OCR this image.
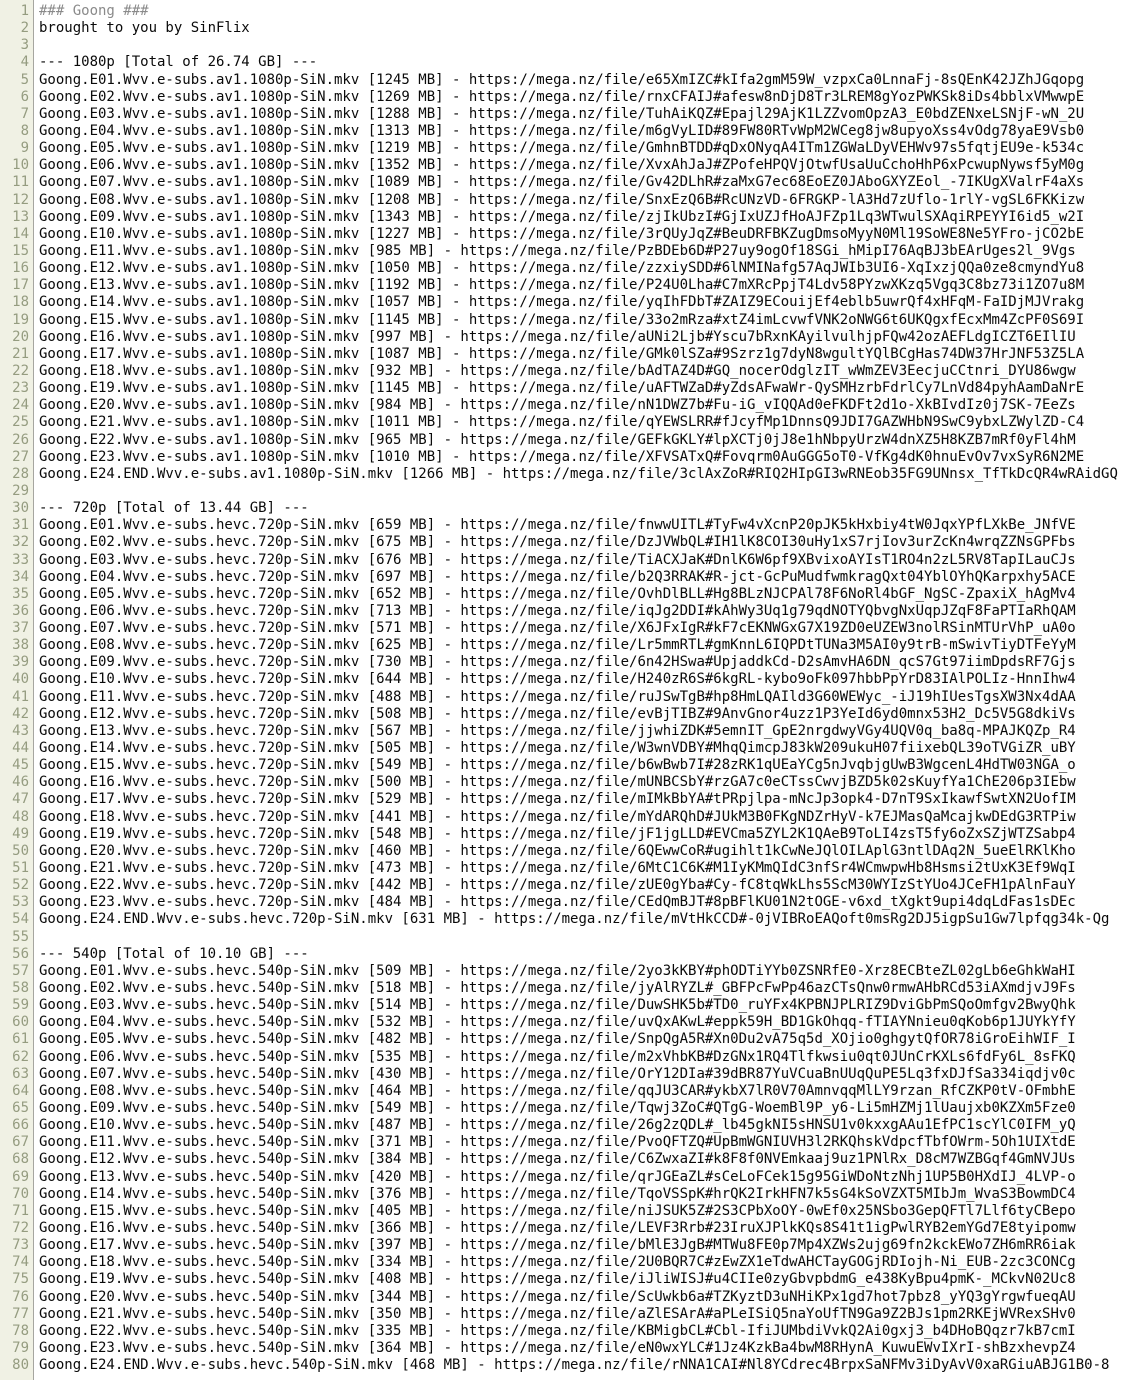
1 ### Goong ###
2 brought to you by SinFlix
3

4 --- 1080p [Total of 26.74 GB] ---
5 Goong.E01.Wvv.e-subs.av1.1080p-SiN.mkv [1245 MB] - https://mega.nz/file/e65XmIZC#kIfa2gmM59W_vzpxCa0LnnaFj-8sQEnK42JZhJGqopg
6 Goong.E02.Wvv.e-subs.av1.1080p-SiN.mkv [1269 MB] - https://mega.nz/file/rnxCFAIJ#afesw8nDjD8Tr3LREM8gYozPWKSk8iDs4bblxVMwwpE
7 Goong.E03.Wvv.e-subs.av1.1080p-SiN.mkv [1288 MB] - https://mega.nz/file/TuhAiKQZ#Epajl29AjK1LZZvomOpzA3_E0bdZENxeLSNjF-wN_2U
8 Goong.E04.Wvv.e-subs.av1.1080p-SiN.mkv [1313 MB] - https://mega.nz/file/m6gVyLID#89FW80RTvWpM2WCeg8jw8upyoXss4vOdg78yaE9Vsb0
9 Goong.E05.Wvv.e-subs.av1.1080p-SiN.mkv [1219 MB] - https://mega.nz/file/GmhnBTDD#qDxONyqA4ITm1ZGWaLDyVEHWv97s5fqtjEU9e-k534c
10 Goong.E06.Wvv.e-subs.av1.1080p-SiN.mkv [1352 MB] - https://mega.nz/file/XvxAhJaJ#ZPofeHPQVjOtwfUsaUuCchoHhP6xPcwupNywsf5yM0g
11 Goong.E07.Wvv.e-subs.av1.1080p-SiN.mkv [1089 MB] - https://mega.nz/file/Gv42DLhR#zaMxG7ec68EoEZ0JAboGXYZEol_-7IKUgXValrF4aXs
12 Goong.E08.Wvv.e-subs.av1.1080p-SiN.mkv [1208 MB] - https://mega.nz/file/SnxEzQ6B#RcUNzVD-6FRGKP-lA3Hd7zUflo-1rlY-vgSL6FKKizw
13 Goong.E09.Wvv.e-subs.av1.1080p-SiN.mkv [1343 MB] - https://mega.nz/file/zjIkUbzI#GjIxUZJfHoAJFZp1Lq3WTwulSXAqiRPEYYI6id5_w2I
14 Goong.E10.Wvv.e-subs.av1.1080p-SiN.mkv [1227 MB] - https://mega.nz/file/3rQUyJqZ#BeuDRFBKZugDmsoMyyN0Ml19SoWE8Ne5YFro-jCO2bE
15 Goong.E11.Wvv.e-subs.av1.1080p-SiN.mkv [985 MB] - https://mega.nz/file/PzBDEb6D#P27uy9ogOf18SGi_hMipI76AqBJ3bEArUges2l_9Vgs
16 Goong.E12.Wvv.e-subs.av1.1080p-SiN.mkv [1050 MB] - https://mega.nz/file/zzxiySDD#6lNMINafg57AqJWIb3UI6-XqIxzjQQa0ze8cmyndYu8
17 Goong.E13.Wvv.e-subs.av1.1080p-SiN.mkv [1192 MB] - https://mega.nz/file/P24U0Lha#C7mXRcPpjT4Ldv58PYzwXKzq5Vgq3C8bz73i1ZO7u8M
18 Goong.E14.Wvv.e-subs.av1.1080p-SiN.mkv [1057 MB] - https://mega.nz/file/yqIhFDbT#ZAIZ9ECouijEf4eblb5uwrQf4xHFqM-FaIDjMJVrakg
19 Goong.E15.Wvv.e-subs.av1.1080p-SiN.mkv [1145 MB] - https://mega.nz/file/33o2mRza#xtZ4imLcvwfVNK2oNWG6t6UKQgxfEcxMm4ZcPF0S69I
20 Goong.E16.Wvv.e-subs.av1.1080p-SiN.mkv [997 MB] - https://mega.nz/file/aUNi2Ljb#Yscu7bRxnKAyilvulhjpFQw42ozAEFLdgICZT6EIlIU
21 Goong.E17.Wvv.e-subs.av1.1080p-SiN.mkv [1087 MB] - https://mega.nz/file/GMk0lSZa#9Szrz1g7dyN8wgultYQlBCgHas74DW37HrJNF53Z5LA
22 Goong.E18.Wvv.e-subs.av1.1080p-SiN.mkv [932 MB] - https://mega.nz/file/bAdTAZ4D#GQ_nocerOdglzIT_wWmZEV3EecjuCCtnri_DYU86wgw
23 Goong.E19.Wvv.e-subs.av1.1080p-SiN.mkv [1145 MB] - https://mega.nz/file/uAFTWZaD#yZdsAFwaWr-QySMHzrbFdrlCy7LnVd84pyhAamDaNrE
24 Goong.E20.Wvv.e-subs.av1.1080p-SiN.mkv [984 MB] - https://mega.nz/file/nN1DWZ7b#Fu-iG_vIQQAd0eFKDFt2d1o-XkBIvdIz0j7SK-7EeZs
25 Goong.E21.Wvv.e-subs.av1.1080p-SiN.mkv [1011 MB] - https://mega.nz/file/qYEWSLRR#fJcyfMp1DnnsQ9JDI7GAZWHbN9SwC9ybxLZWylZD-C4
26 Goong.E22.Wvv.e-subs.av1.1080p-SiN.mkv [965 MB] - https://mega.nz/file/GEFkGKLY#lpXCTj0jJ8e1hNbpyUrzW4dnXZ5H8KZB7mRf0yFl4hM
27 Goong.E23.Wvv.e-subs.av1.1080p-SiN.mkv [1010 MB] - https://mega.nz/file/XFVSATxQ#Fovqrm0AuGGG5oT0-VfKg4dK0hnuEvOv7vxSyR6N2ME
28 Goong.E24.END.Wvv.e-subs.av1.1080p-SiN.mkv [1266 MB] - https://mega.nz/file/3clAxZoR#RIQ2HIpGI3wRNEob35FG9UNnsx_TfTkDcQR4wRAidGQ
29

30 --- 720p [Total of 13.44 GB] ---
31 Goong.E01.Wvv.e-subs.hevc.720p-SiN.mkv [659 MB] - https://mega.nz/file/fnwwUITL#TyFw4vXcnP20pJK5kHxbiy4tW0JqxYPfLXkBe_JNfVE
32 Goong.E02.Wvv.e-subs.hevc.720p-SiN.mkv [675 MB] - https://mega.nz/file/DzJVWbQL#IH1lK8COI30uHy1xS7rjIov3urZcKn4wrqZZNsGPFbs
33 Goong.E03.Wvv.e-subs.hevc.720p-SiN.mkv [676 MB] - https://mega.nz/file/TiACXJaK#DnlK6W6pf9XBvixoAYIsT1RO4n2zL5RV8TapILauCJs
34 Goong.E04.Wvv.e-subs.hevc.720p-SiN.mkv [697 MB] - https://mega.nz/file/b2Q3RRAK#R-jct-GcPuMudfwmkragQxt04YblOYhQKarpxhy5ACE
35 Goong.E05.Wvv.e-subs.hevc.720p-SiN.mkv [652 MB] - https://mega.nz/file/OvhDlBLL#Hg8BLzNJCPAl78F6NoRl4bGF_NgSC-ZpaxiX_hAgMv4
36 Goong.E06.Wvv.e-subs.hevc.720p-SiN.mkv [713 MB] - https://mega.nz/file/iqJg2DDI#kAhWy3Uq1g79qdNOTYQbvgNxUqpJZqF8FaPTIaRhQAM
37 Goong.E07.Wvv.e-subs.hevc.720p-SiN.mkv [571 MB] - https://mega.nz/file/X6JFxIgR#kF7cEKNWGxG7X19ZD0eUZEW3nolRSinMTUrVhP_uA0o
38 Goong.E08.Wvv.e-subs.hevc.720p-SiN.mkv [625 MB] - https://mega.nz/file/Lr5mmRTL#gmKnnL6IQPDtTUNa3M5AI0y9trB-mSwivTiyDTFeYyM
39 Goong.E09.Wvv.e-subs.hevc.720p-SiN.mkv [730 MB] - https://mega.nz/file/6n42HSwa#UpjaddkCd-D2sAmvHA6DN_qcS7Gt97iimDpdsRF7Gjs
40 Goong.E10.Wvv.e-subs.hevc.720p-SiN.mkv [644 MB] - https://mega.nz/file/H240zR6S#6kgRL-kybo9oFk097hbbPpYrD83IAlPOLIz-HnnIhw4
41 Goong.E11.Wvv.e-subs.hevc.720p-SiN.mkv [488 MB] - https://mega.nz/file/ruJSwTgB#hp8HmLQAIld3G60WEWyc_-iJ19hIUesTgsXW3Nx4dAA
42 Goong.E12.Wvv.e-subs.hevc.720p-SiN.mkv [508 MB] - https://mega.nz/file/evBjTIBZ#9AnvGnor4uzz1P3YeId6yd0mnx53H2_Dc5V5G8dkiVs
43 Goong.E13.Wvv.e-subs.hevc.720p-SiN.mkv [567 MB] - https://mega.nz/file/jjwhiZDK#5emnIT_GpE2nrgdwyVGy4UQV0q_ba8q-MPAJKQZp_R4
44 Goong.E14.Wvv.e-subs.hevc.720p-SiN.mkv [505 MB] - https://mega.nz/file/W3wnVDBY#MhqQimcpJ83kW209ukuH07fiixebQL39oTVGiZR_uBY
45 Goong.E15.Wvv.e-subs.hevc.720p-SiN.mkv [549 MB] - https://mega.nz/file/b6wBwb7I#28zRK1qUEaYCg5nJvqbjgUwB3WgcenL4HdTW03NGA_o
46 Goong.E16.Wvv.e-subs.hevc.720p-SiN.mkv [500 MB] - https://mega.nz/file/mUNBCSbY#rzGA7c0eCTssCwvjBZD5k02sKuyfYa1ChE206p3IEbw
47 Goong.E17.Wvv.e-subs.hevc.720p-SiN.mkv [529 MB] - https://mega.nz/file/mIMkBbYA#tPRpjlpa-mNcJp3opk4-D7nT9SxIkawfSwtXN2UofIM
48 Goong.E18.Wvv.e-subs.hevc.720p-SiN.mkv [441 MB] - https://mega.nz/file/mYdARQhD#JUkM3B0FKgNDZrHyV-k7EJMasQaMcajkwDEdG3RTPiw
49 Goong.E19.Wvv.e-subs.hevc.720p-SiN.mkv [548 MB] - https://mega.nz/file/jF1jgLLD#EVCma5ZYL2K1QAeB9ToLI4zsT5fy6oZxSZjWTZSabp4
50 Goong.E20.Wvv.e-subs.hevc.720p-SiN.mkv [460 MB] - https://mega.nz/file/6QEwwCoR#ugihlt1kCwNeJQlOILAplG3ntlDAq2N_5ueElRKlKho
51 Goong.E21.Wvv.e-subs.hevc.720p-SiN.mkv [473 MB] - https://mega.nz/file/6MtC1C6K#M1IyKMmQIdC3nfSr4WCmwpwHb8Hsmsi2tUxK3Ef9WqI
52 Goong.E22.Wvv.e-subs.hevc.720p-SiN.mkv [442 MB] - https://mega.nz/file/zUE0gYba#Cy-fC8tqWkLhs5ScM30WYIzStYUo4JCeFH1pAlnFauY
53 Goong.E23.Wvv.e-subs.hevc.720p-SiN.mkv [484 MB] - https://mega.nz/file/CEdQmBJT#8pBFlKU01N2tOGE-v6xd_tXgkt9upi4dqLdFas1sDEc
54 Goong.E24.END.Wvv.e-subs.hevc.720p-SiN.mkv [631 MB] - https://mega.nz/file/mVtHkCCD#-0jVIBRoEAQoft0msRg2DJ5igpSu1Gw7lpfqg34k-Qg
55

56 --- 540p [Total of 10.10 GB] ---
57 Goong.E01.Wvv.e-subs.hevc.540p-SiN.mkv [509 MB] - https://mega.nz/file/2yo3kKBY#phODTiYYb0ZSNRfE0-Xrz8ECBteZL02gLb6eGhkWaHI
58 Goong.E02.Wvv.e-subs.hevc.540p-SiN.mkv [518 MB] - https://mega.nz/file/jyAlRYZL#_GBFPcFwPp46azCTsQnw0rmwAHbRCd53iAXmdjvJ9Fs
59 Goong.E03.Wvv.e-subs.hevc.540p-SiN.mkv [514 MB] - https://mega.nz/file/DuwSHK5b#TD0_ruYFx4KPBNJPLRIZ9DviGbPmSQoOmfgv2BwyQhk
60 Goong.E04.Wvv.e-subs.hevc.540p-SiN.mkv [532 MB] - https://mega.nz/file/uvQxAKwL#eppk59H_BD1GkOhqq-fTIAYNnieu0qKob6p1JUYkYfY
61 Goong.E05.Wvv.e-subs.hevc.540p-SiN.mkv [482 MB] - https://mega.nz/file/SnpQgA5R#Xn0Du2vA75q5d_XOjio0ghgytQfOR78iGroEihWIF_I
62 Goong.E06.Wvv.e-subs.hevc.540p-SiN.mkv [535 MB] - https://mega.nz/file/m2xVhbKB#DzGNx1RQ4Tlfkwsiu0qt0JUnCrKXLs6fdFy6L_8sFKQ
63 Goong.E07.Wvv.e-subs.hevc.540p-SiN.mkv [430 MB] - https://mega.nz/file/OrY12DIa#39dBR87YuVCuaBnUUqQuPE5Lq3fxDJfSa334iqdjv0c
64 Goong.E08.Wvv.e-subs.hevc.540p-SiN.mkv [464 MB] - https://mega.nz/file/qqJU3CAR#ykbX7lR0V70AmnvqqMlLY9rzan_RfCZKP0tV-OFmbhE
65 Goong.E09.Wvv.e-subs.hevc.540p-SiN.mkv [549 MB] - https://mega.nz/file/Tqwj3ZoC#QTgG-WoemBl9P_y6-Li5mHZMj1lUaujxb0KZXm5Fze0
66 Goong.E10.Wvv.e-subs.hevc.540p-SiN.mkv [487 MB] - https://mega.nz/file/26g2zQDL#_lb45gkNI5sHNSU1v0kxxgAAu1EfPC1scYlC0IFM_yQ
67 Goong.E11.Wvv.e-subs.hevc.540p-SiN.mkv [371 MB] - https://mega.nz/file/PvoQFTZQ#UpBmWGNIUVH3l2RKQhskVdpcfTbfOWrm-5Oh1UIXtdE
68 Goong.E12.Wvv.e-subs.hevc.540p-SiN.mkv [384 MB] - https://mega.nz/file/C6ZwxaZI#k8F8f0NVEmkaaj9uz1PNlRx_D8cM7WZBGqf4GmNVJUs
69 Goong.E13.Wvv.e-subs.hevc.540p-SiN.mkv [420 MB] - https://mega.nz/file/qrJGEaZL#sCeLoFCek15g95GiWDoNtzNhj1UP5B0HXdIJ_4LVP-o
70 Goong.E14.Wvv.e-subs.hevc.540p-SiN.mkv [376 MB] - https://mega.nz/file/TqoVSSpK#hrQK2IrkHFN7k5sG4kSoVZXT5MIbJm_WvaS3BowmDC4
71 Goong.E15.Wvv.e-subs.hevc.540p-SiN.mkv [405 MB] - https://mega.nz/file/niJSUK5Z#2S3CPbXoOY-0wEf0x25NSbo3GepQFTl7Llf6tyCBepo
72 Goong.E16.Wvv.e-subs.hevc.540p-SiN.mkv [366 MB] - https://mega.nz/file/LEVF3Rrb#23IruXJPlkKQs8S41t1igPwlRYB2emYGd7E8tyipomw
73 Goong.E17.Wvv.e-subs.hevc.540p-SiN.mkv [397 MB] - https://mega.nz/file/bMlE3JgB#MTWu8FE0p7Mp4XZWs2ujg69fn2kckEWo7ZH6mRR6iak
74 Goong.E18.Wvv.e-subs.hevc.540p-SiN.mkv [334 MB] - https://mega.nz/file/2U0BQR7C#zEwZX1eTdwAHCTayGOGjRDIojh-Ni_EUB-2zc3CONCg
75 Goong.E19.Wvv.e-subs.hevc.540p-SiN.mkv [408 MB] - https://mega.nz/file/iJliWISJ#u4CIIe0zyGbvpbdmG_e438KyBpu4pmK-_MCkvN02Uc8
76 Goong.E20.Wvv.e-subs.hevc.540p-SiN.mkv [344 MB] - https://mega.nz/file/ScUwkb6a#TZKyztD3uNHiKPx1gd7hot7pbz8_yYQ3gYrgwfueqAU
77 Goong.E21.Wvv.e-subs.hevc.540p-SiN.mkv [350 MB] - https://mega.nz/file/aZlESArA#aPLeISiQ5naYoUfTN9Ga9Z2BJs1pm2RKEjWVRexSHv0
78 Goong.E22.Wvv.e-subs.hevc.540p-SiN.mkv [335 MB] - https://mega.nz/file/KBMigbCL#Cbl-IfiJUMbdiVvkQ2Ai0gxj3_b4DHoBQqzr7kB7cmI
79 Goong.E23.Wvv.e-subs.hevc.540p-SiN.mkv [364 MB] - https://mega.nz/file/eN0wxYLC#1Jz4KzkBa4bwM8RHynA_KuwuEWvIXrI-shBzxhevpZ4
80 Goong.E24.END.Wvv.e-subs.hevc.540p-SiN.mkv [468 MB] - https://mega.nz/file/rNNA1CAI#Nl8YCdrec4BrpxSaNFMv3iDyAvV0xaRGiuABJG1B0-8
